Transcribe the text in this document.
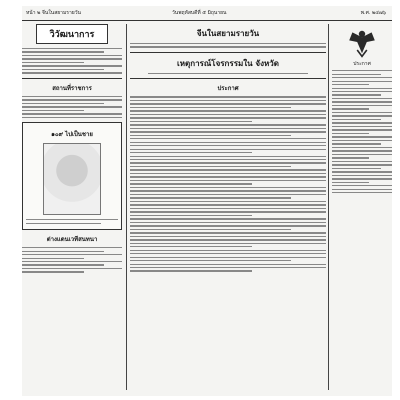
หน้า ๒ จีนในสยามรายวัน	วันพฤหัสบดีที่ ๕ มิถุนายน	พ.ศ. ๒๔๗๖
วิวัฒนาการ
สถานที่ราชการ
๑๐๙ ไปเป็นชาย
ต่างแดนเวทีสนทนา
จีนในสยามรายวัน
เหตุการณ์โจรกรรมใน จังหวัด
ประกาศ
ประกาศ
